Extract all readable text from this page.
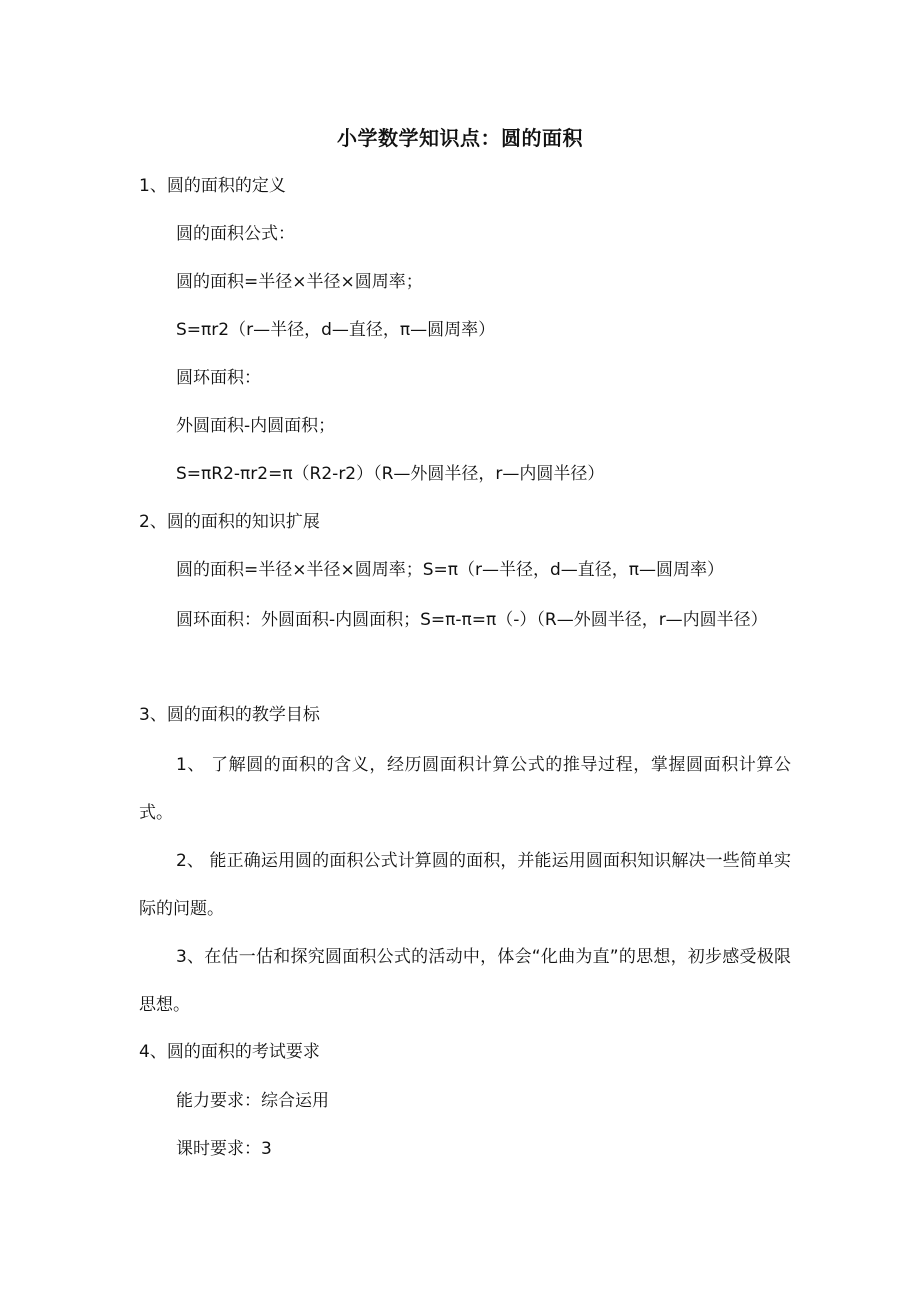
小学数学知识点：圆的面积
1、圆的面积的定义
圆的面积公式：
圆的面积=半径×半径×圆周率；
S=πr2（r—半径，d—直径，π—圆周率）
圆环面积：
外圆面积-内圆面积；
S=πR2-πr2=π（R2-r2）（R—外圆半径，r—内圆半径）
2、圆的面积的知识扩展
圆的面积=半径×半径×圆周率；S=π（r—半径，d—直径，π—圆周率）
圆环面积：外圆面积-内圆面积；S=π-π=π（-）（R—外圆半径，r—内圆半径）
3、圆的面积的教学目标
1、 了解圆的面积的含义，经历圆面积计算公式的推导过程，掌握圆面积计算公式。
2、 能正确运用圆的面积公式计算圆的面积，并能运用圆面积知识解决一些简单实际的问题。
3、在估一估和探究圆面积公式的活动中，体会“化曲为直”的思想，初步感受极限思想。
4、圆的面积的考试要求
能力要求：综合运用
课时要求：3
